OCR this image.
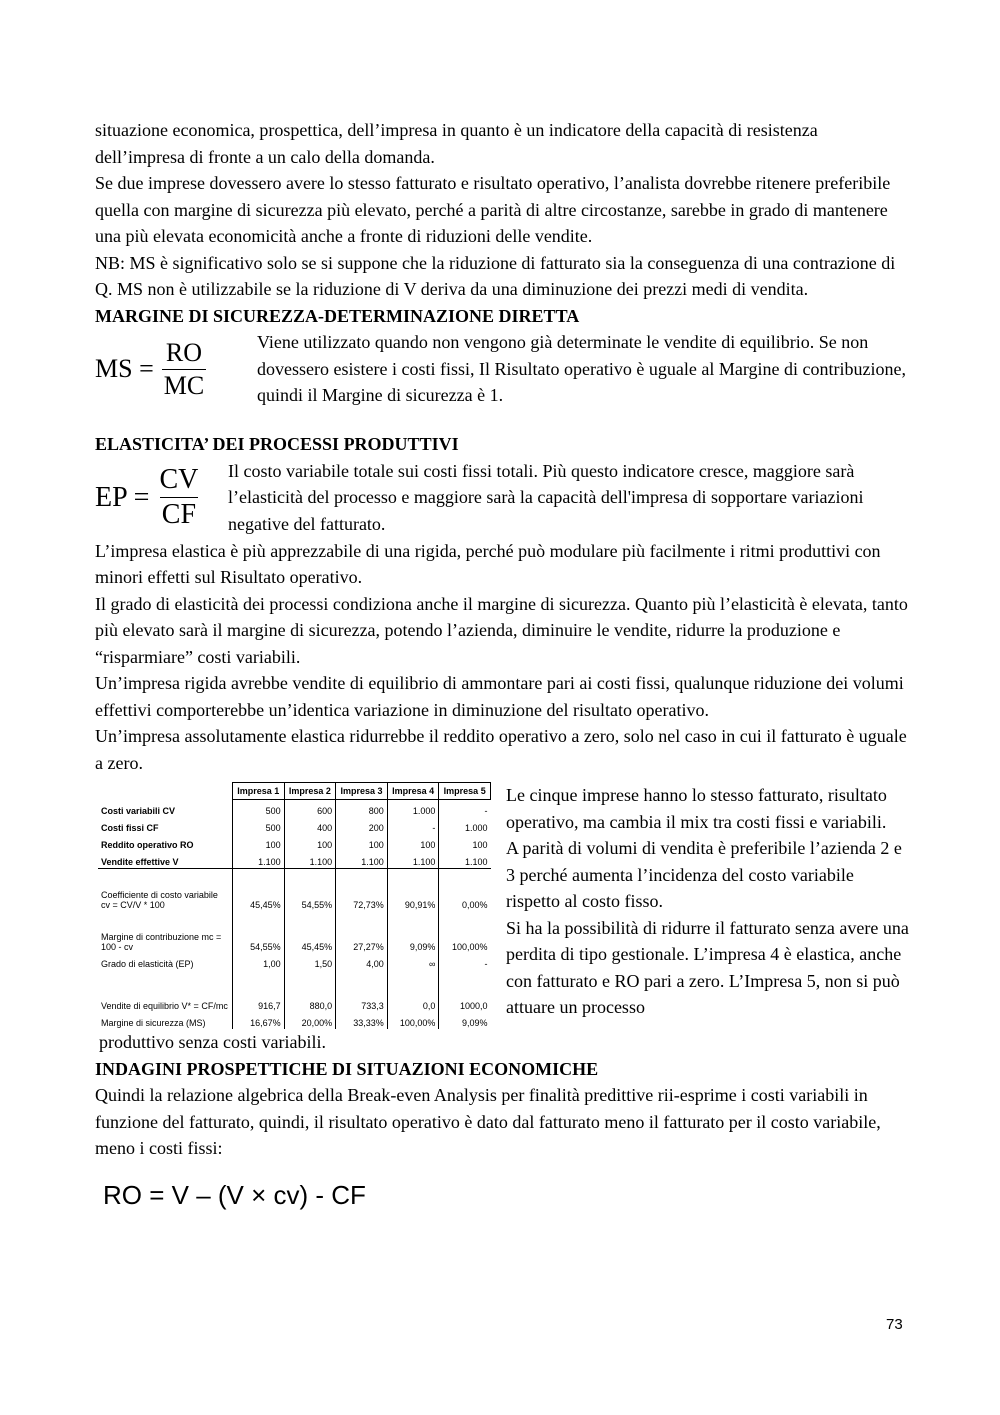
situazione economica, prospettica, dell’impresa in quanto è un indicatore della capacità di resistenza dell’impresa di fronte a un calo della domanda.

Se due imprese dovessero avere lo stesso fatturato e risultato operativo, l’analista dovrebbe ritenere preferibile quella con margine di sicurezza più elevato, perché a parità di altre circostanze, sarebbe in grado di mantenere una più elevata economicità anche a fronte di riduzioni delle vendite.

NB: MS è significativo solo se si suppone che la riduzione di fatturato sia la conseguenza di una contrazione di Q. MS non è utilizzabile se la riduzione di V deriva da una diminuzione dei prezzi medi di vendita.

MARGINE DI SICUREZZA-DETERMINAZIONE DIRETTA
MS = $\frac{RO}{MC}$	Viene utilizzato quando non vengono già determinate le vendite di equilibrio. Se non dovessero esistere i costi fissi, Il Risultato operativo è uguale al Margine di contribuzione, quindi il Margine di sicurezza è 1.

ELASTICITA’ DEI PROCESSI PRODUTTIVI
EP = $\frac{CV}{CF}$ Il costo variabile totale sui costi fissi totali. Più questo indicatore cresce, maggiore sarà l’elasticità del processo e maggiore sarà la capacità dell'impresa di sopportare variazioni negative del fatturato.

L’impresa elastica è più apprezzabile di una rigida, perché può modulare più facilmente i ritmi produttivi con minori effetti sul Risultato operativo.

Il grado di elasticità dei processi condiziona anche il margine di sicurezza. Quanto più l’elasticità è elevata, tanto più elevato sarà il margine di sicurezza, potendo l’azienda, diminuire le vendite, ridurre la produzione e “risparmiare” costi variabili.

Un’impresa rigida avrebbe vendite di equilibrio di ammontare pari ai costi fissi, qualunque riduzione dei volumi effettivi comporterebbe un’identica variazione in diminuzione del risultato operativo.

Un’impresa assolutamente elastica ridurrebbe il reddito operativo a zero, solo nel caso in cui il fatturato è uguale a zero.

	Impresa 1	Impresa 2	Impresa 3	Impresa 4	Impresa 5
Costi variabili CV	500	600	800	1.000	-
Costi fissi CF	500	400	200	-	1.000
Reddito operativo RO	100	100	100	100	100
Vendite effettive V	1.100	1.100	1.100	1.100	1.100
Coefficiente di costo variabile cv = CV/V * 100	45,45%	54,55%	72,73%	90,91%	0,00%
Margine di contribuzione mc = 100 - cv	54,55%	45,45%	27,27%	9,09%	100,00%
Grado di elasticità (EP)	1,00	1,50	4,00	∞	-
Vendite di equilibrio V* = CF/mc	916,7	880,0	733,3	0,0	1000,0
Margine di sicurezza (MS)	16,67%	20,00%	33,33%	100,00%	9,09%

Le cinque imprese hanno lo stesso fatturato, risultato operativo, ma cambia il mix tra costi fissi e variabili.

A parità di volumi di vendita è preferibile l’azienda 2 e 3 perché aumenta l’incidenza del costo variabile rispetto al costo fisso.

Si ha la possibilità di ridurre il fatturato senza avere una perdita di tipo gestionale. L’impresa 4 è elastica, anche con fatturato e RO pari a zero. L’Impresa 5, non si può attuare un processo

produttivo senza costi variabili.

INDAGINI PROSPETTICHE DI SITUAZIONI ECONOMICHE

Quindi la relazione algebrica della Break-even Analysis per finalità predittive rii-esprime i costi variabili in funzione del fatturato, quindi, il risultato operativo è dato dal fatturato meno il fatturato per il costo variabile, meno i costi fissi:

RO = V – (V × cv) - CF
73
